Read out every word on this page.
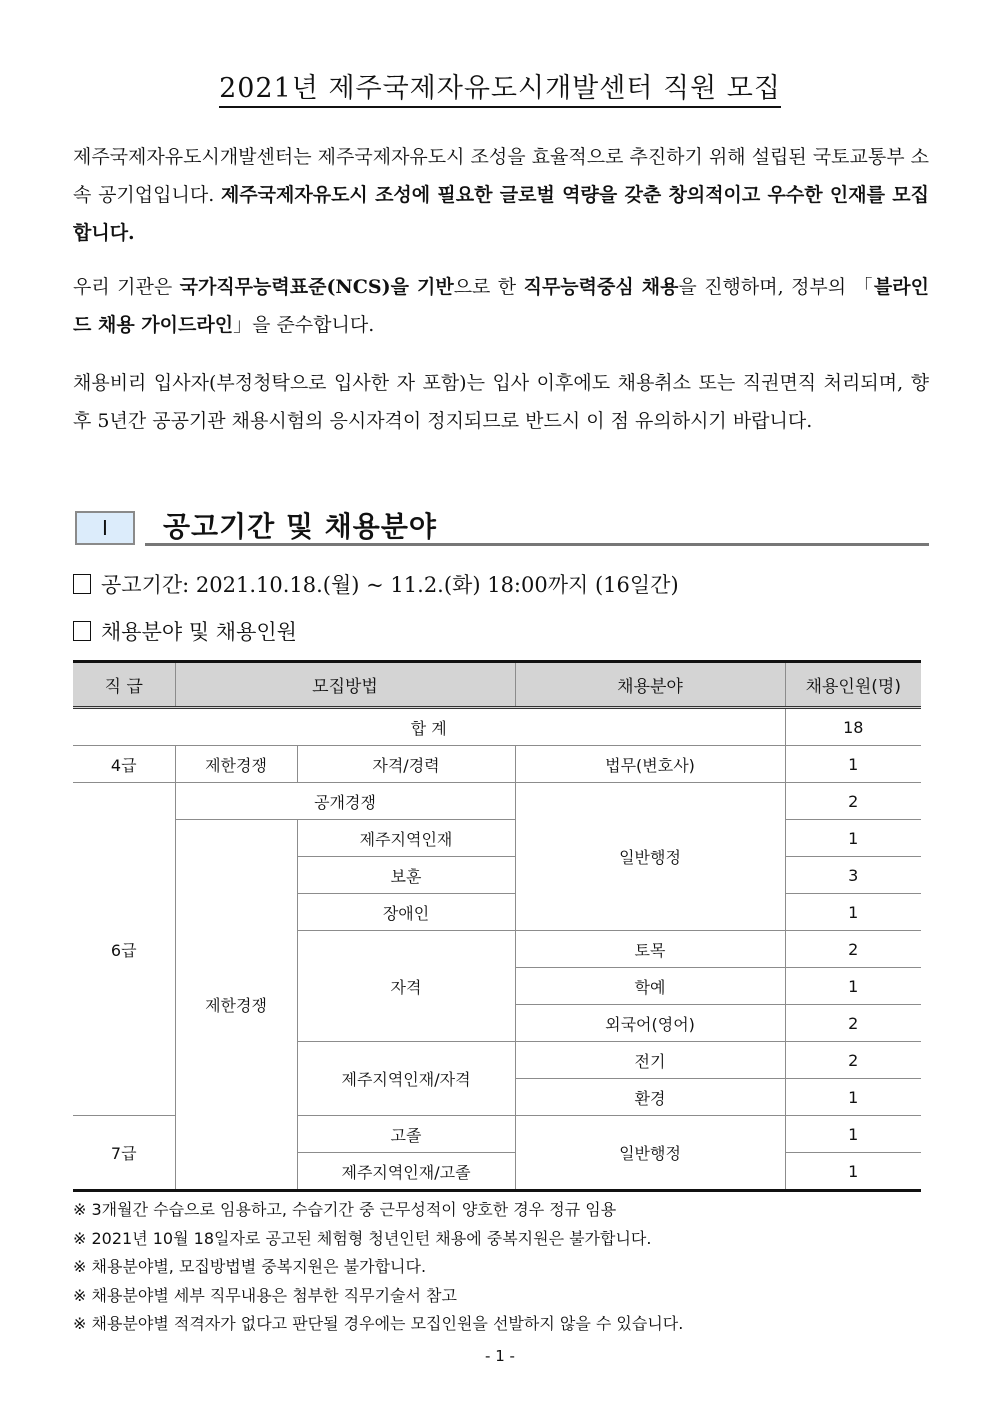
2021년 제주국제자유도시개발센터 직원 모집
제주국제자유도시개발센터는 제주국제자유도시 조성을 효율적으로 추진하기 위해 설립된 국토교통부 소속 공기업입니다. 제주국제자유도시 조성에 필요한 글로벌 역량을 갖춘 창의적이고 우수한 인재를 모집합니다.
우리 기관은 국가직무능력표준(NCS)을 기반으로 한 직무능력중심 채용을 진행하며, 정부의 「블라인드 채용 가이드라인」을 준수합니다.
채용비리 입사자(부정청탁으로 입사한 자 포함)는 입사 이후에도 채용취소 또는 직권면직 처리되며, 향후 5년간 공공기관 채용시험의 응시자격이 정지되므로 반드시 이 점 유의하시기 바랍니다.
Ⅰ	공고기간 및 채용분야
공고기간: 2021.10.18.(월) ~ 11.2.(화) 18:00까지 (16일간)
채용분야 및 채용인원
직 급	모집방법		채용분야	채용인원(명)
합 계				18
4급	제한경쟁	자격/경력	법무(변호사)	1
6급	공개경쟁		일반행정	2
	제한경쟁	제주지역인재		1
		보훈		3
		장애인		1
		자격	토목	2
			학예	1
			외국어(영어)	2
		제주지역인재/자격	전기	2
			환경	1
7급		고졸	일반행정	1
		제주지역인재/고졸		1
※ 3개월간 수습으로 임용하고, 수습기간 중 근무성적이 양호한 경우 정규 임용
※ 2021년 10월 18일자로 공고된 체험형 청년인턴 채용에 중복지원은 불가합니다.
※ 채용분야별, 모집방법별 중복지원은 불가합니다.
※ 채용분야별 세부 직무내용은 첨부한 직무기술서 참고
※ 채용분야별 적격자가 없다고 판단될 경우에는 모집인원을 선발하지 않을 수 있습니다.
- 1 -
